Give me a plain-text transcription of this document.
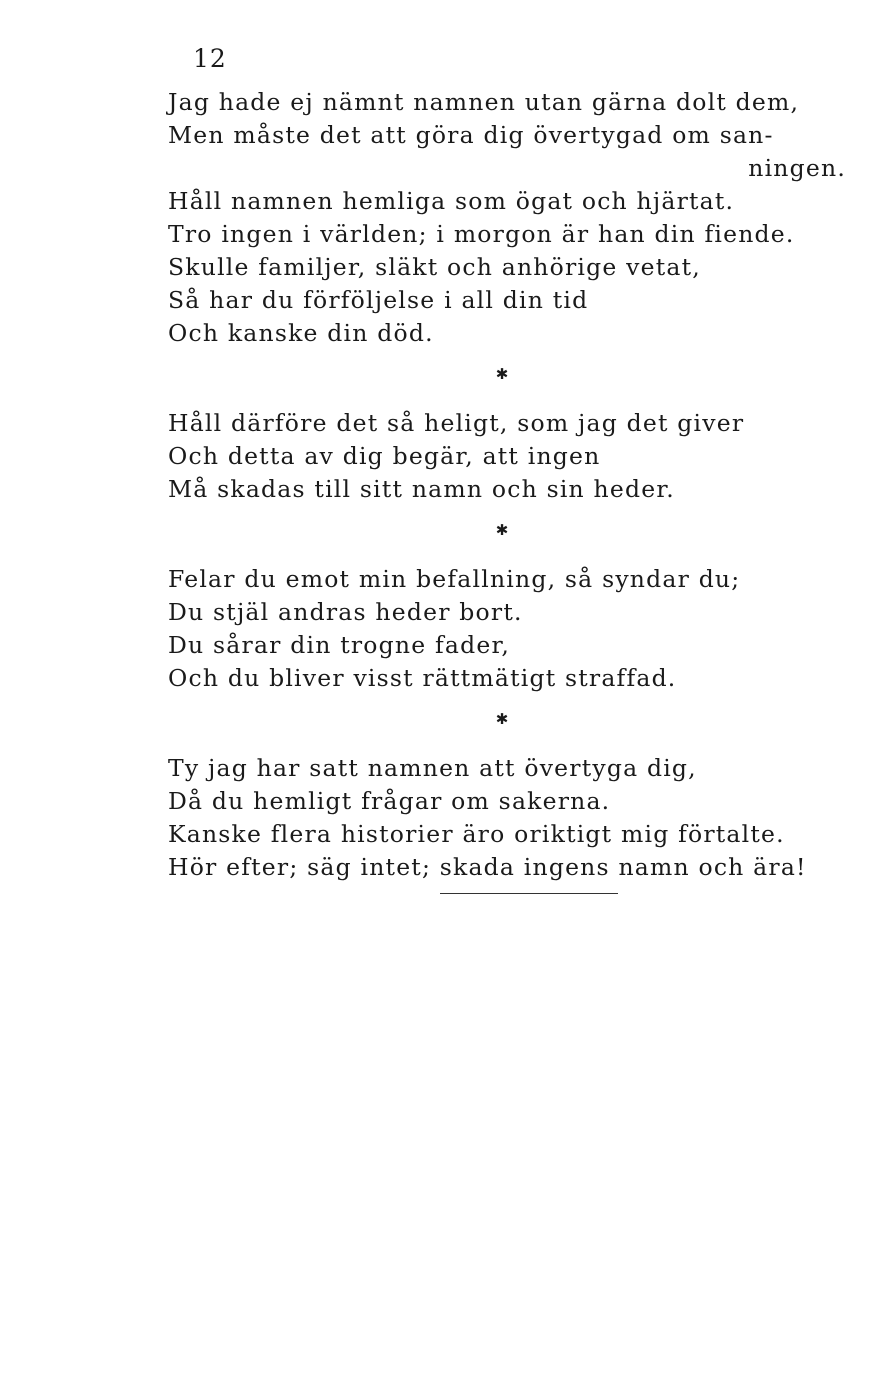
12
Jag hade ej nämnt namnen utan gärna dolt dem,
Men måste det att göra dig övertygad om san-
ningen.
Håll namnen hemliga som ögat och hjärtat.
Tro ingen i världen; i morgon är han din fiende.
Skulle familjer, släkt och anhörige vetat,
Så har du förföljelse i all din tid
Och kanske din död.
✱
Håll därföre det så heligt, som jag det giver
Och detta av dig begär, att ingen
Må skadas till sitt namn och sin heder.
✱
Felar du emot min befallning, så syndar du;
Du stjäl andras heder bort.
Du sårar din trogne fader,
Och du bliver visst rättmätigt straffad.
✱
Ty jag har satt namnen att övertyga dig,
Då du hemligt frågar om sakerna.
Kanske flera historier äro oriktigt mig förtalte.
Hör efter; säg intet; skada ingens namn och ära!
